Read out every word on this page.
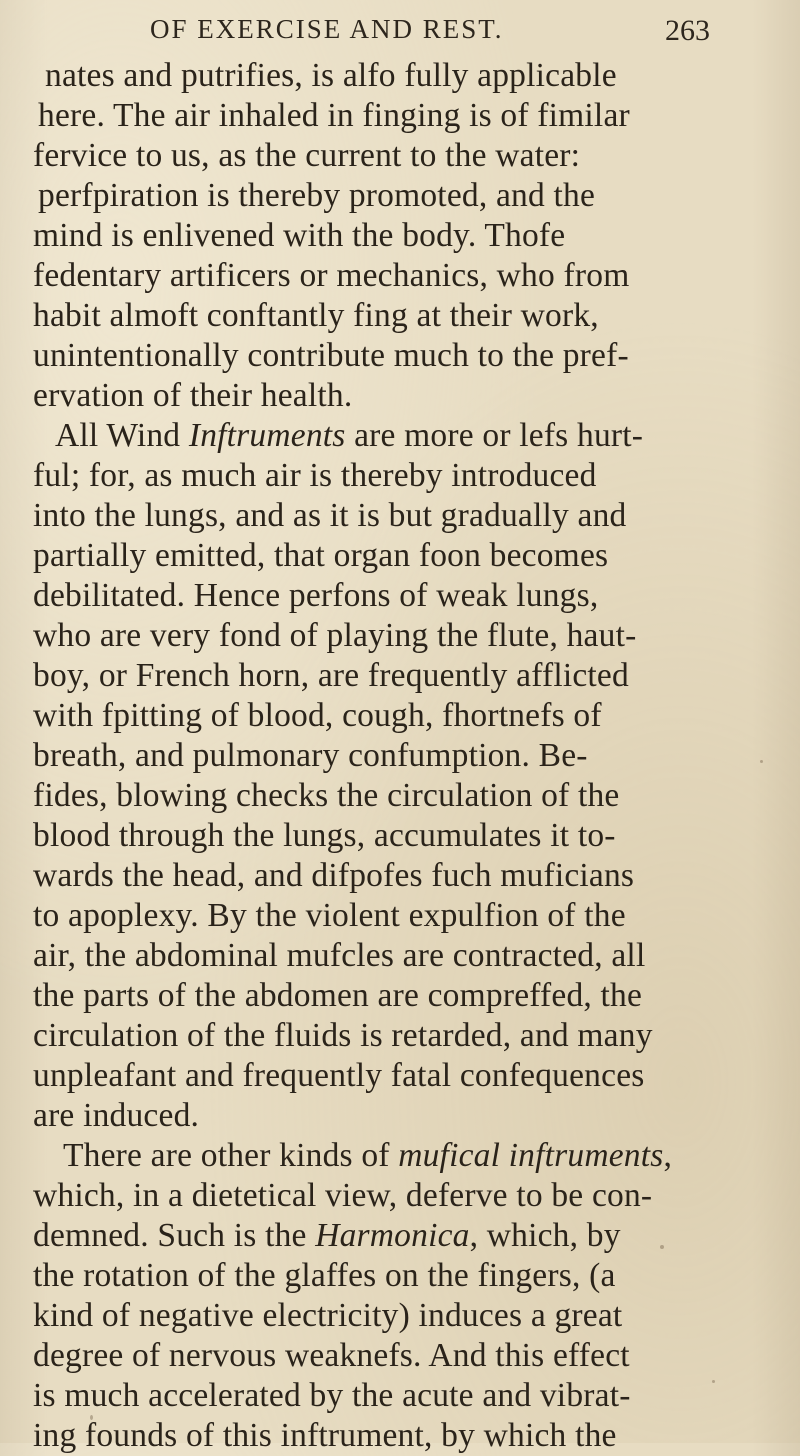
OF EXERCISE AND REST.	263
nates and putrifies, is alfo fully applicable
here. The air inhaled in finging is of fimilar
fervice to us, as the current to the water:
perfpiration is thereby promoted, and the
mind is enlivened with the body. Thofe
fedentary artificers or mechanics, who from
habit almoft conftantly fing at their work,
unintentionally contribute much to the pref-
ervation of their health.
All Wind Inftruments are more or lefs hurt-
ful; for, as much air is thereby introduced
into the lungs, and as it is but gradually and
partially emitted, that organ foon becomes
debilitated. Hence perfons of weak lungs,
who are very fond of playing the flute, haut-
boy, or French horn, are frequently afflicted
with fpitting of blood, cough, fhortnefs of
breath, and pulmonary confumption. Be-
fides, blowing checks the circulation of the
blood through the lungs, accumulates it to-
wards the head, and difpofes fuch muficians
to apoplexy. By the violent expulfion of the
air, the abdominal mufcles are contracted, all
the parts of the abdomen are compreffed, the
circulation of the fluids is retarded, and many
unpleafant and frequently fatal confequences
are induced.
There are other kinds of mufical inftruments,
which, in a dietetical view, deferve to be con-
demned. Such is the Harmonica, which, by
the rotation of the glaffes on the fingers, (a
kind of negative electricity) induces a great
degree of nervous weaknefs. And this effect
is much accelerated by the acute and vibrat-
ing founds of this inftrument, by which the
